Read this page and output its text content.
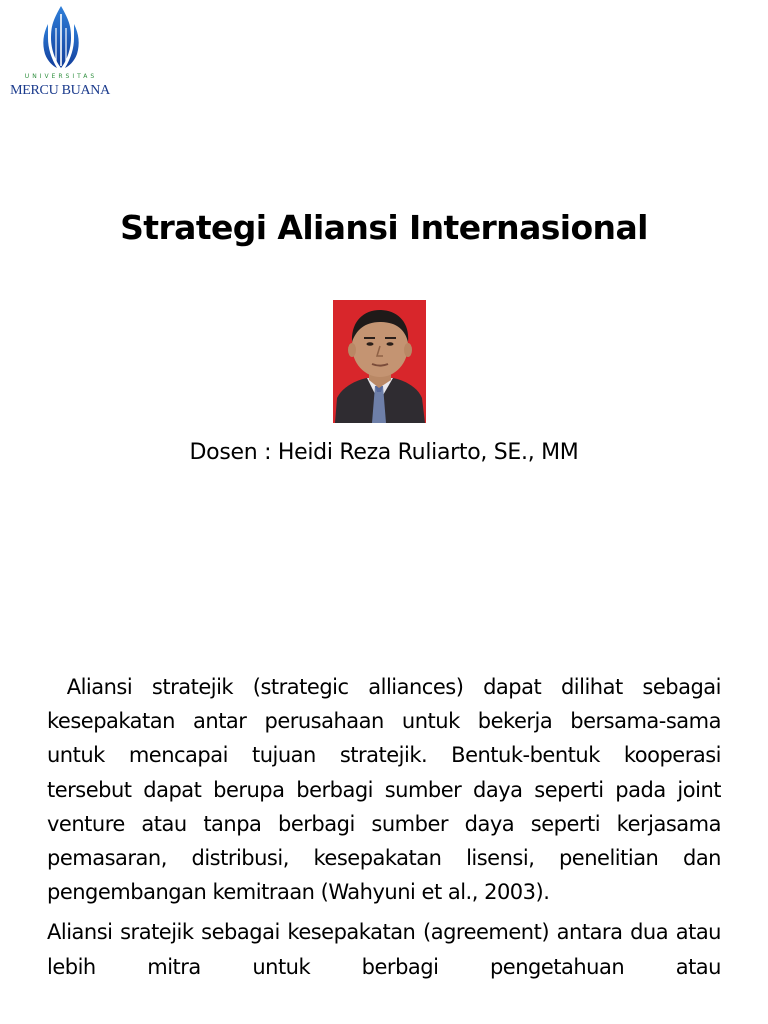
UNIVERSITAS
MERCU BUANA
Strategi Aliansi Internasional
Dosen : Heidi Reza Ruliarto, SE., MM

Aliansi stratejik (strategic alliances) dapat dilihat sebagai kesepakatan antar perusahaan untuk bekerja bersama-sama untuk mencapai tujuan stratejik. Bentuk-bentuk kooperasi tersebut dapat berupa berbagi sumber daya seperti pada joint venture atau tanpa berbagi sumber daya seperti kerjasama pemasaran, distribusi, kesepakatan lisensi, penelitian dan pengembangan kemitraan (Wahyuni et al., 2003).

Aliansi sratejik sebagai kesepakatan (agreement) antara dua atau lebih mitra untuk berbagi pengetahuan atau
